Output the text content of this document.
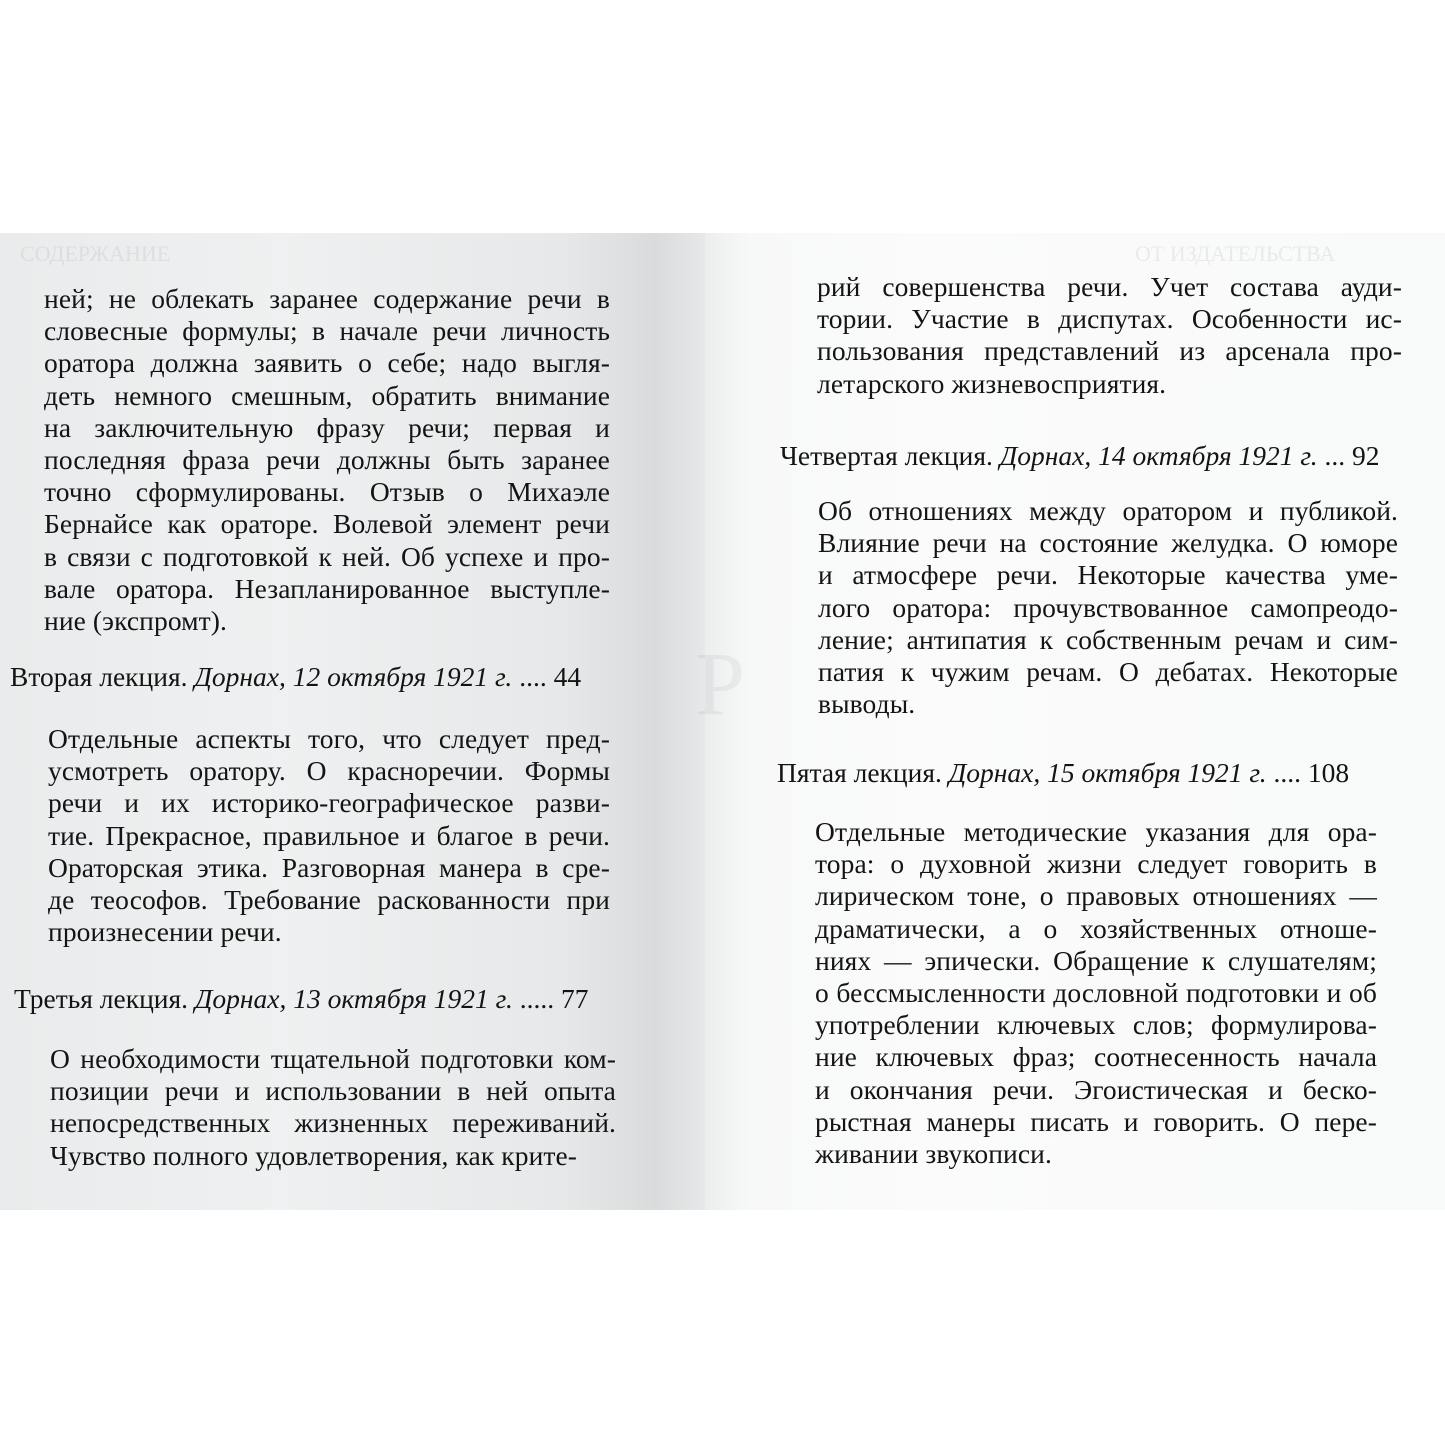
СОДЕРЖАНИЕ

ней; не облекать заранее содержание речи в
словесные формулы; в начале речи личность
оратора должна заявить о себе; надо выгля-
деть немного смешным, обратить внимание
на заключительную фразу речи; первая и
последняя фраза речи должны быть заранее
точно сформулированы. Отзыв о Михаэле
Бернайсе как ораторе. Волевой элемент речи
в связи с подготовкой к ней. Об успехе и про-
вале оратора. Незапланированное выступле-
ние (экспромт).

Вторая лекция. Дорнах, 12 октября 1921 г. .... 44

Отдельные аспекты того, что следует пред-
усмотреть оратору. О красноречии. Формы
речи и их историко-географическое разви-
тие. Прекрасное, правильное и благое в речи.
Ораторская этика. Разговорная манера в сре-
де теософов. Требование раскованности при
произнесении речи.

Третья лекция. Дорнах, 13 октября 1921 г. ..... 77

О необходимости тщательной подготовки ком-
позиции речи и использовании в ней опыта
непосредственных жизненных переживаний.
Чувство полного удовлетворения, как крите-

ОТ ИЗДАТЕЛЬСТВА
Р

рий совершенства речи. Учет состава ауди-
тории. Участие в диспутах. Особенности ис-
пользования представлений из арсенала про-
летарского жизневосприятия.

Четвертая лекция. Дорнах, 14 октября 1921 г. ... 92

Об отношениях между оратором и публикой.
Влияние речи на состояние желудка. О юморе
и атмосфере речи. Некоторые качества уме-
лого оратора: прочувствованное самопреодо-
ление; антипатия к собственным речам и сим-
патия к чужим речам. О дебатах. Некоторые
выводы.

Пятая лекция. Дорнах, 15 октября 1921 г. .... 108

Отдельные методические указания для ора-
тора: о духовной жизни следует говорить в
лирическом тоне, о правовых отношениях —
драматически, а о хозяйственных отноше-
ниях — эпически. Обращение к слушателям;
о бессмысленности дословной подготовки и об
употреблении ключевых слов; формулирова-
ние ключевых фраз; соотнесенность начала
и окончания речи. Эгоистическая и беско-
рыстная манеры писать и говорить. О пере-
живании звукописи.
